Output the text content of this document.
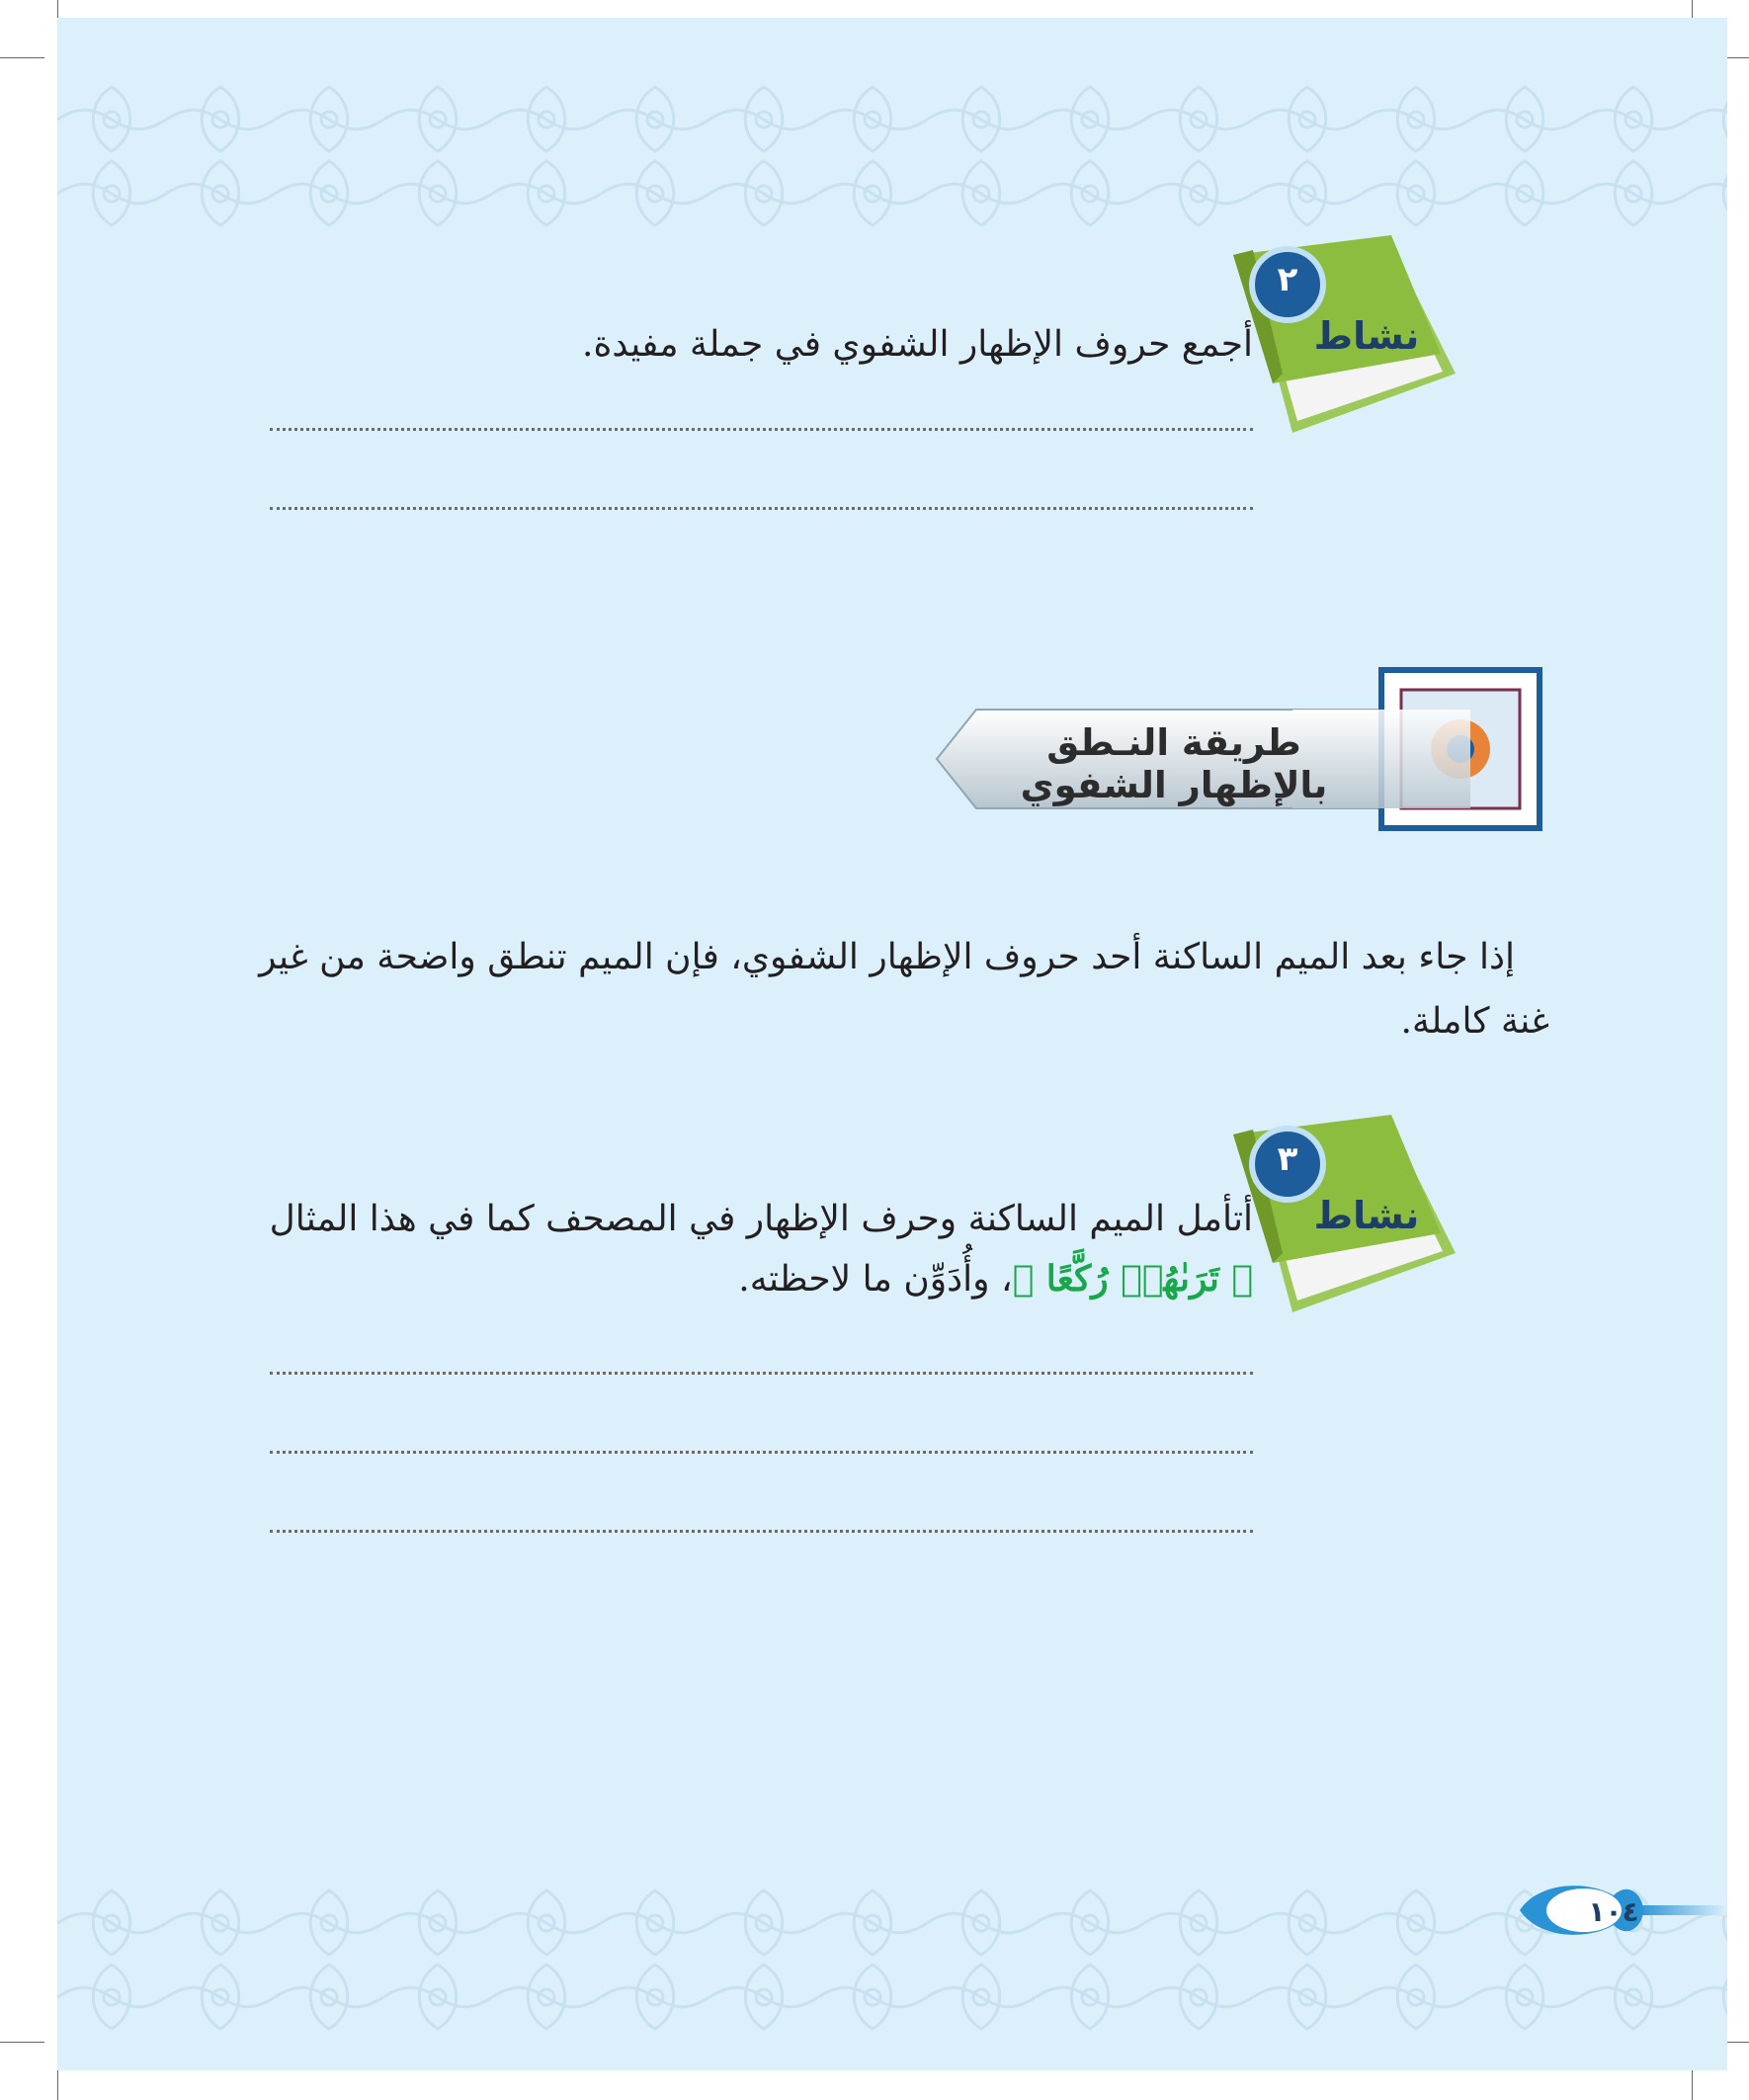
٢
نشاط
أجمع حروف الإظهار الشفوي في جملة مفيدة.
طريقة النـطق بالإظهار الشفوي
إذا جاء بعد الميم الساكنة أحد حروف الإظهار الشفوي، فإن الميم تنطق واضحة من غير
غنة كاملة.
٣
نشاط
أتأمل الميم الساكنة وحرف الإظهار في المصحف كما في هذا المثال
﴿ تَرَىٰهُمۡ رُكَّعًا ﴾، وأُدَوِّن ما لاحظته.
١٠٤
